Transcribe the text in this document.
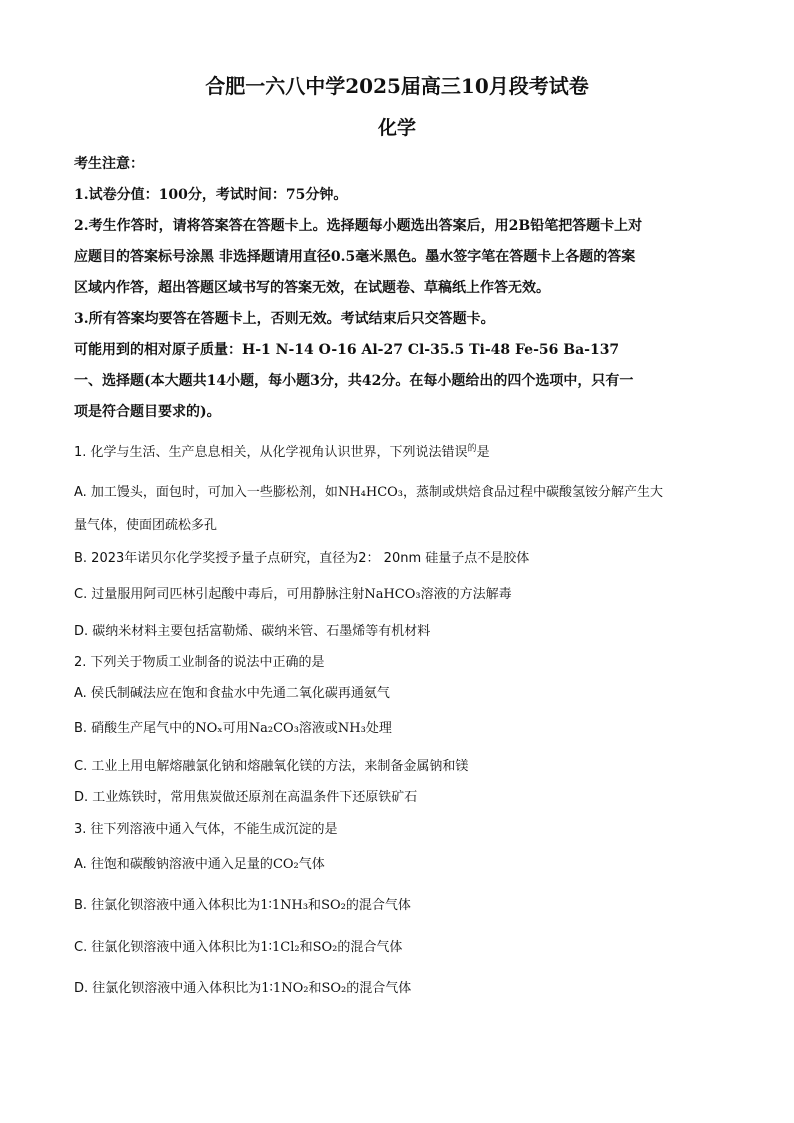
合肥一六八中学2025届高三10月段考试卷
化学
考生注意：
1.试卷分值：100分，考试时间：75分钟。
2.考生作答时，请将答案答在答题卡上。选择题每小题选出答案后，用2B铅笔把答题卡上对
应题目的答案标号涂黑 非选择题请用直径0.5毫米黑色。墨水签字笔在答题卡上各题的答案
区域内作答，超出答题区域书写的答案无效，在试题卷、草稿纸上作答无效。
3.所有答案均要答在答题卡上，否则无效。考试结束后只交答题卡。
可能用到的相对原子质量：H-1 N-14 O-16 Al-27 Cl-35.5 Ti-48 Fe-56 Ba-137
一、选择题(本大题共14小题，每小题3分，共42分。在每小题给出的四个选项中，只有一
项是符合题目要求的)。
1. 化学与生活、生产息息相关，从化学视角认识世界，下列说法错误$^的$是
A. 加工馒头，面包时，可加入一些膨松剂，如NH₄HCO₃，蒸制或烘焙食品过程中碳酸氢铵分解产生大
量气体，使面团疏松多孔
B. 2023年诺贝尔化学奖授予量子点研究，直径为2： 20nm 硅量子点不是胶体
C. 过量服用阿司匹林引起酸中毒后，可用静脉注射NaHCO₃溶液的方法解毒
D. 碳纳米材料主要包括富勒烯、碳纳米管、石墨烯等有机材料
2. 下列关于物质工业制备的说法中正确的是
A. 侯氏制碱法应在饱和食盐水中先通二氧化碳再通氨气
B. 硝酸生产尾气中的NOₓ可用Na₂CO₃溶液或NH₃处理
C. 工业上用电解熔融氯化钠和熔融氧化镁的方法，来制备金属钠和镁
D. 工业炼铁时，常用焦炭做还原剂在高温条件下还原铁矿石
3. 往下列溶液中通入气体，不能生成沉淀的是
A. 往饱和碳酸钠溶液中通入足量的CO₂气体
B. 往氯化钡溶液中通入体积比为1∶1NH₃和SO₂的混合气体
C. 往氯化钡溶液中通入体积比为1∶1Cl₂和SO₂的混合气体
D. 往氯化钡溶液中通入体积比为1∶1NO₂和SO₂的混合气体
